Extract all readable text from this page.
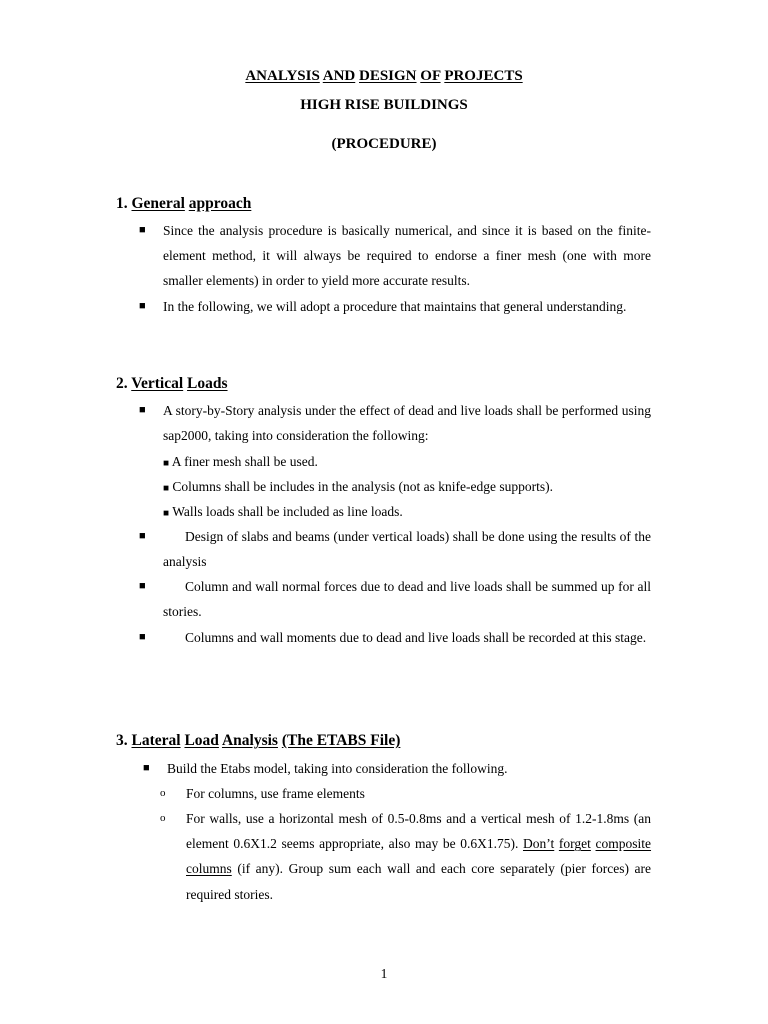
ANALYSIS AND DESIGN OF PROJECTS
HIGH RISE BUILDINGS
(PROCEDURE)
1. General approach
■ Since the analysis procedure is basically numerical, and since it is based on the finite-element method, it will always be required to endorse a finer mesh (one with more smaller elements) in order to yield more accurate results.
■ In the following, we will adopt a procedure that maintains that general understanding.
2. Vertical Loads
■ A story-by-Story analysis under the effect of dead and live loads shall be performed using sap2000, taking into consideration the following:
■ A finer mesh shall be used.
■ Columns shall be includes in the analysis (not as knife-edge supports).
■ Walls loads shall be included as line loads.
■	Design of slabs and beams (under vertical loads) shall be done using the results of the analysis
■	Column and wall normal forces due to dead and live loads shall be summed up for all stories.
■	Columns and wall moments due to dead and live loads shall be recorded at this stage.
3. Lateral Load Analysis (The ETABS File)
■ Build the Etabs model, taking into consideration the following.
o For columns, use frame elements
o For walls, use a horizontal mesh of 0.5-0.8ms and a vertical mesh of 1.2-1.8ms (an element 0.6X1.2 seems appropriate, also may be 0.6X1.75). Don’t forget composite columns (if any). Group sum each wall and each core separately (pier forces) are required stories.
1
